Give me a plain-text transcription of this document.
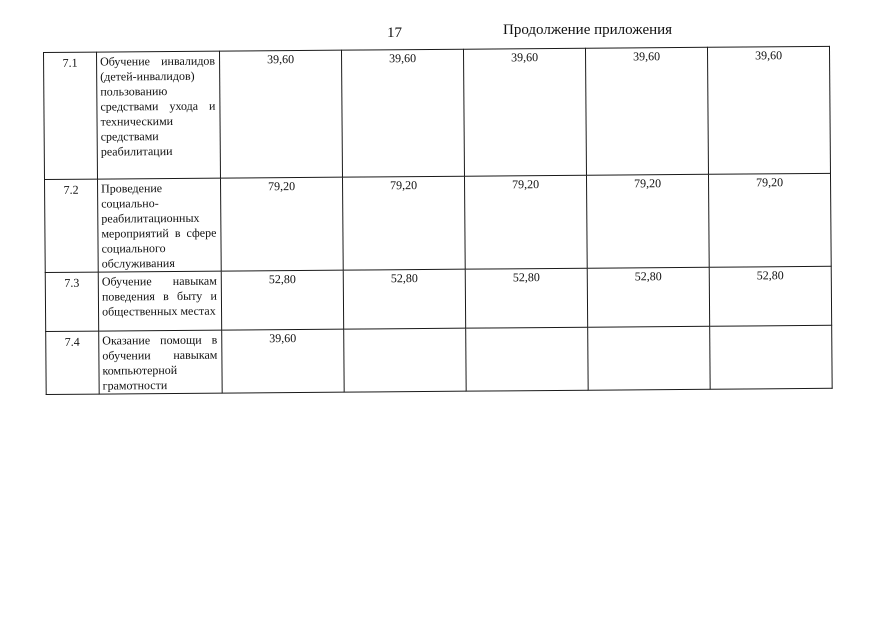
17	Продолжение приложения
7.1	Обучение инвалидов (детей-инвалидов) пользованию средствами ухода и техническими средствами реабилитации	39,60	39,60	39,60	39,60	39,60

7.2	Проведение социально-реабилитационных мероприятий в сфере социального обслуживания	79,20	79,20	79,20	79,20	79,20

7.3	Обучение навыкам поведения в быту и общественных местах	52,80	52,80	52,80	52,80	52,80

7.4	Оказание помощи в обучении навыкам компьютерной грамотности	39,60				
